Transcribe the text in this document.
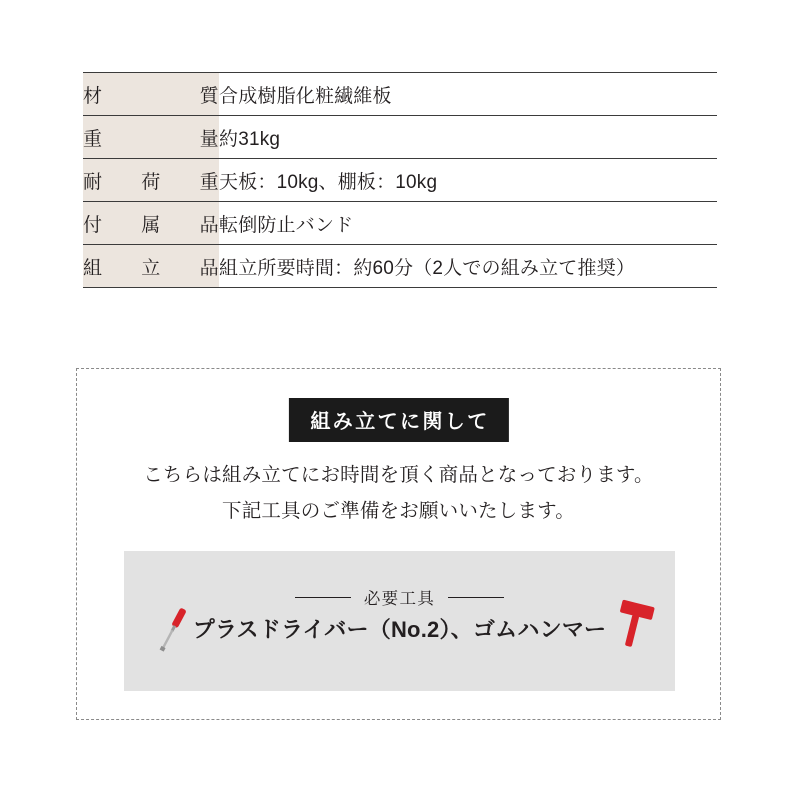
材 質	合成樹脂化粧繊維板

重 量	約31kg

耐 荷 重	天板：10kg、棚板：10kg

付 属 品	転倒防止バンド

組 立 品	組立所要時間：約60分（2人での組み立て推奨）
組み立てに関して
こちらは組み立てにお時間を頂く商品となっております。
下記工具のご準備をお願いいたします。
必要工具
プラスドライバー（No.2）、ゴムハンマー
